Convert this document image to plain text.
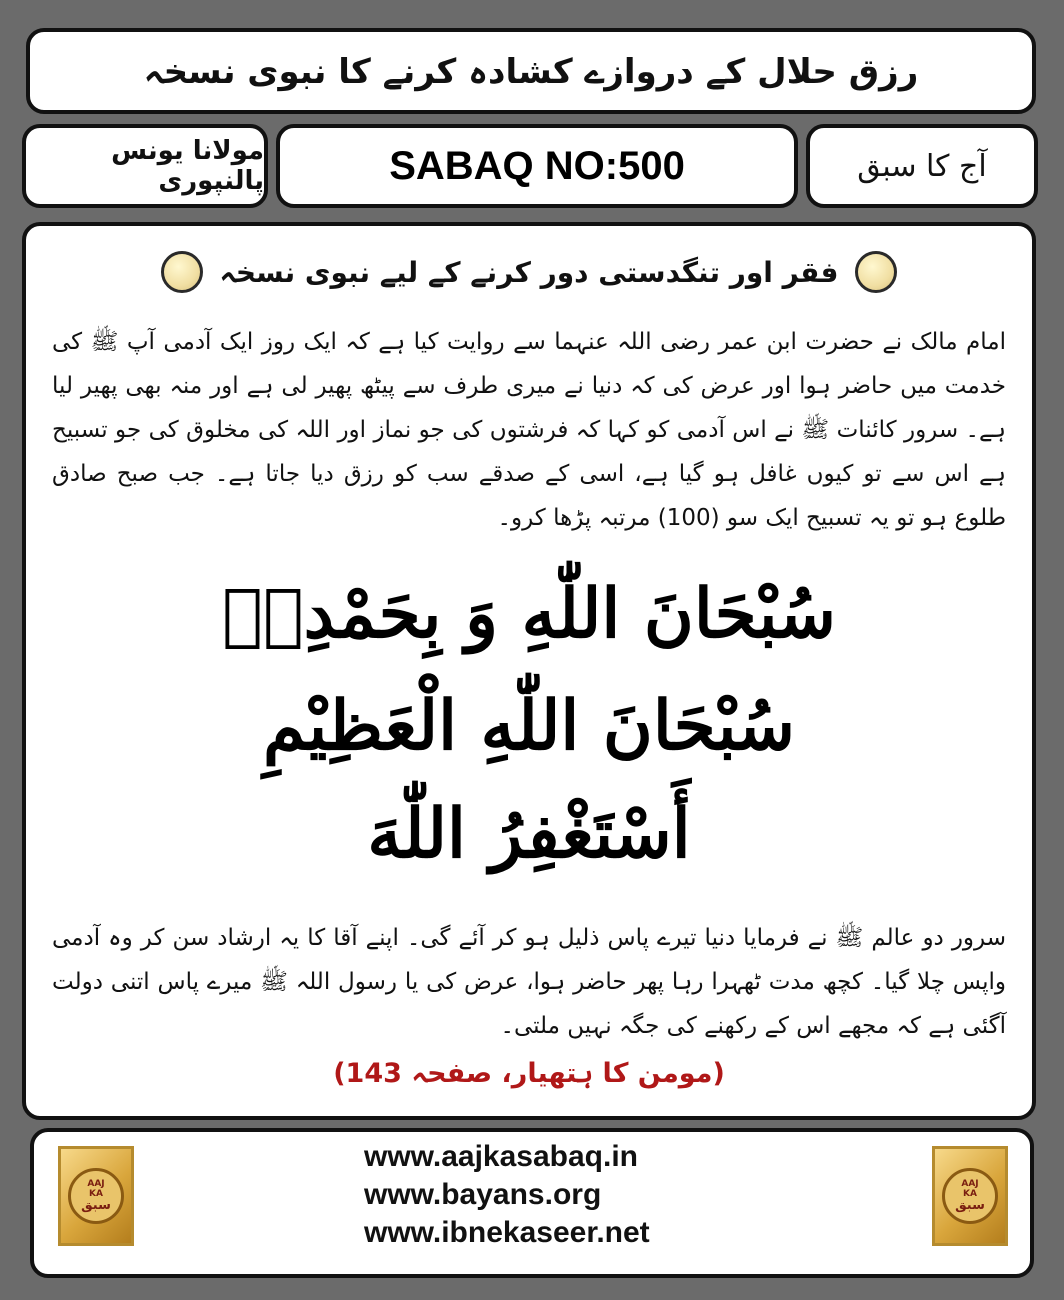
رزق حلال کے دروازے کشادہ کرنے کا نبوی نسخہ
مولانا یونس پالنپوری	SABAQ NO:500	آج کا سبق
فقر اور تنگدستی دور کرنے کے لیے نبوی نسخہ
امام مالک نے حضرت ابن عمر رضی اللہ عنہما سے روایت کیا ہے کہ ایک روز ایک آدمی آپ ﷺ کی خدمت میں حاضر ہوا اور عرض کی کہ دنیا نے میری طرف سے پیٹھ پھیر لی ہے اور منہ بھی پھیر لیا ہے۔ سرور کائنات ﷺ نے اس آدمی کو کہا کہ فرشتوں کی جو نماز اور اللہ کی مخلوق کی جو تسبیح ہے اس سے تو کیوں غافل ہو گیا ہے، اسی کے صدقے سب کو رزق دیا جاتا ہے۔ جب صبح صادق طلوع ہو تو یہ تسبیح ایک سو (100) مرتبہ پڑھا کرو۔
سُبْحَانَ اللّٰهِ وَ بِحَمْدِهٖ
سُبْحَانَ اللّٰهِ الْعَظِيْمِ
أَسْتَغْفِرُ اللّٰهَ
سرور دو عالم ﷺ نے فرمایا دنیا تیرے پاس ذلیل ہو کر آئے گی۔ اپنے آقا کا یہ ارشاد سن کر وہ آدمی واپس چلا گیا۔ کچھ مدت ٹھہرا رہا پھر حاضر ہوا، عرض کی یا رسول اللہ ﷺ میرے پاس اتنی دولت آگئی ہے کہ مجھے اس کے رکھنے کی جگہ نہیں ملتی۔
(مومن کا ہتھیار، صفحہ 143)
AAJ
KA
سبق
www.aajkasabaq.in
www.bayans.org
www.ibnekaseer.net
AAJ
KA
سبق
